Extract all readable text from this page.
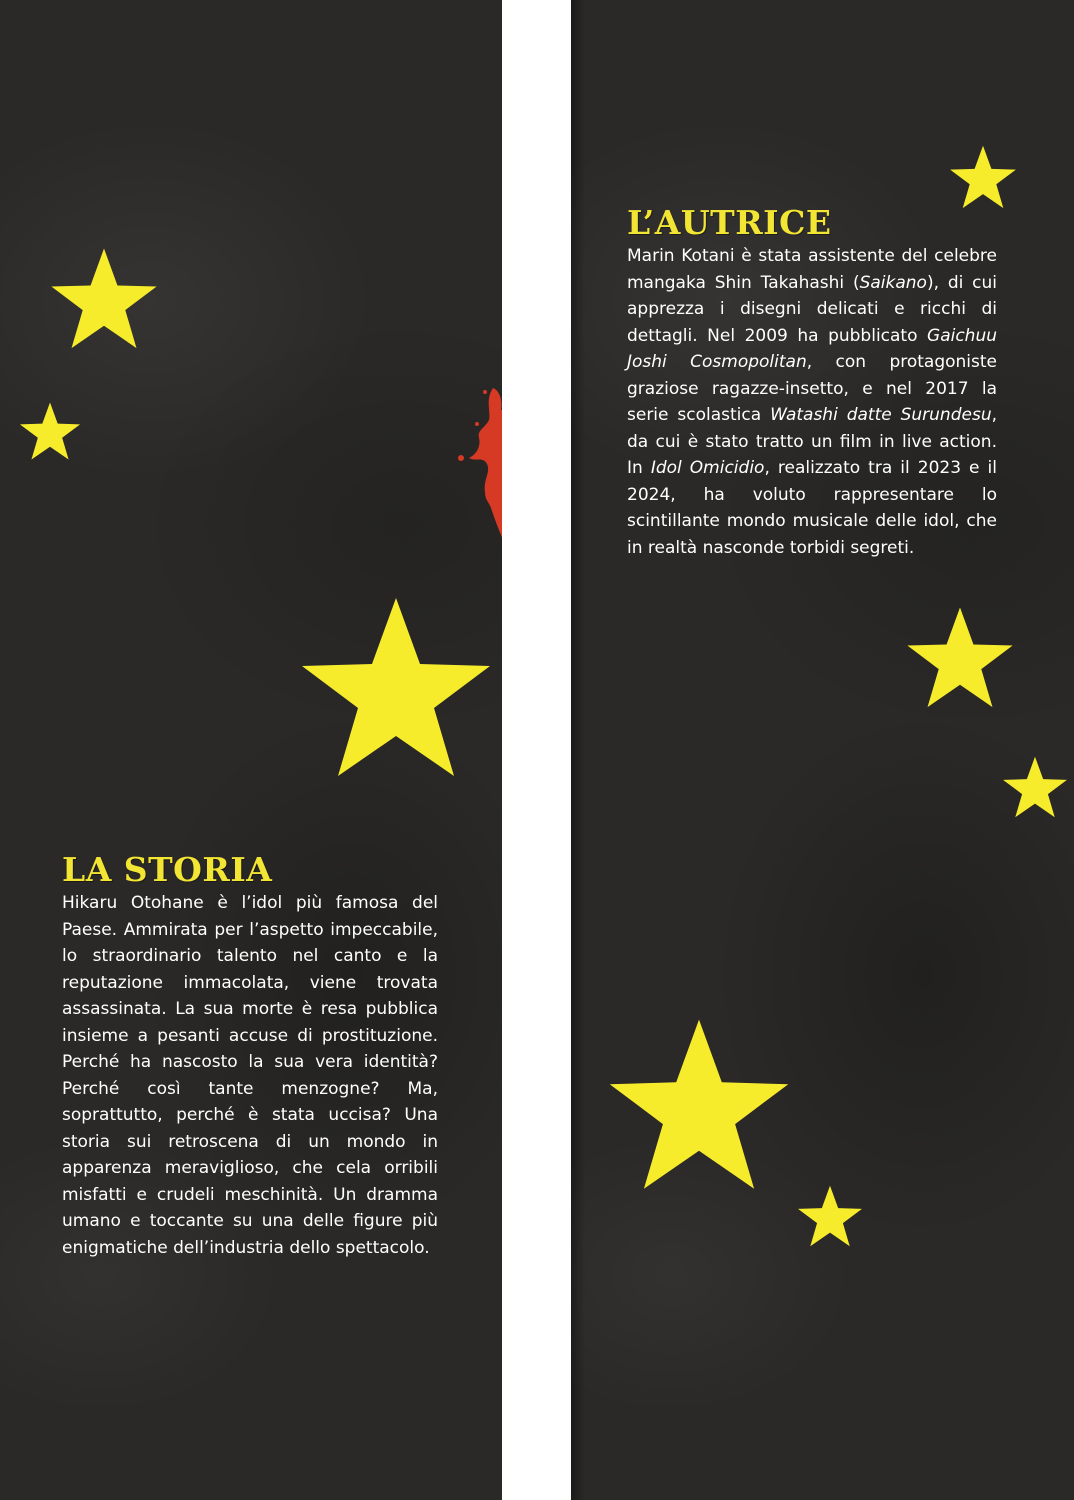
LA STORIA

Hikaru Otohane è l’idol più famosa del Paese. Ammirata per l’aspetto impeccabile, lo straordinario talento nel canto e la reputazione immacolata, viene trovata assassinata. La sua morte è resa pubblica insieme a pesanti accuse di prostituzione. Perché ha nascosto la sua vera identità? Perché così tante menzogne? Ma, soprattutto, perché è stata uccisa? Una storia sui retroscena di un mondo in apparenza meraviglioso, che cela orribili misfatti e crudeli meschinità. Un dramma umano e toccante su una delle figure più enigmatiche dell’industria dello spettacolo.

L’AUTRICE

Marin Kotani è stata assistente del celebre mangaka Shin Takahashi (Saikano), di cui apprezza i disegni delicati e ricchi di dettagli. Nel 2009 ha pubblicato Gaichuu Joshi Cosmopolitan, con protagoniste graziose ragazze-insetto, e nel 2017 la serie scolastica Watashi datte Surundesu, da cui è stato tratto un film in live action. In Idol Omicidio, realizzato tra il 2023 e il 2024, ha voluto rappresentare lo scintillante mondo musicale delle idol, che in realtà nasconde torbidi segreti.
